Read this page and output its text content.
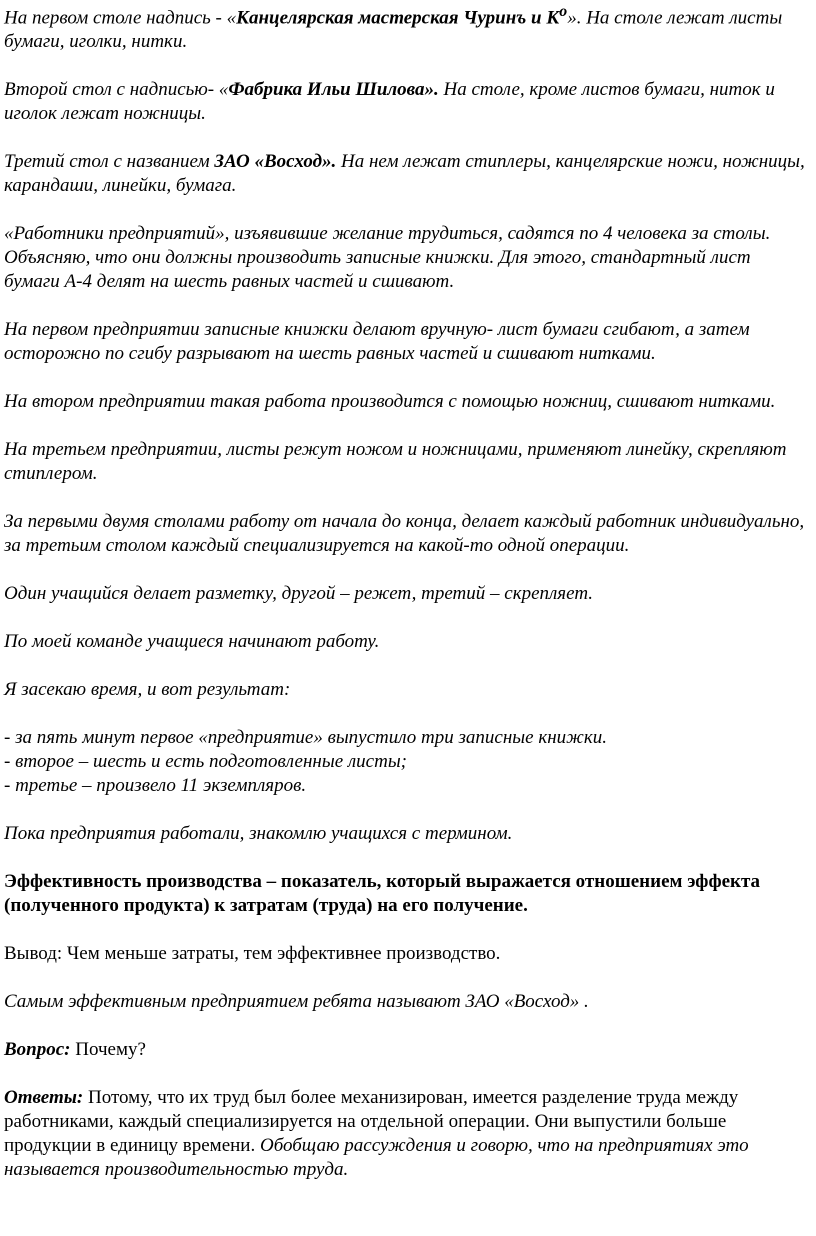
На первом столе надпись - «Канцелярская мастерская Чуринъ и $К^о$». На столе лежат листы бумаги, иголки, нитки.

Второй стол с надписью- «Фабрика Ильи Шилова». На столе, кроме листов бумаги, ниток и иголок лежат ножницы.

Третий стол с названием ЗАО «Восход». На нем лежат стиплеры, канцелярские ножи, ножницы, карандаши, линейки, бумага.

«Работники предприятий», изъявившие желание трудиться, садятся по 4 человека за столы. Объясняю, что они должны производить записные книжки. Для этого, стандартный лист бумаги А-4 делят на шесть равных частей и сшивают.

На первом предприятии записные книжки делают вручную- лист бумаги сгибают, а затем осторожно по сгибу разрывают на шесть равных частей и сшивают нитками.

На втором предприятии такая работа производится с помощью ножниц, сшивают нитками.

На третьем предприятии, листы режут ножом и ножницами, применяют линейку, скрепляют стиплером.

За первыми двумя столами работу от начала до конца, делает каждый работник индивидуально, за третьим столом каждый специализируется на какой-то одной операции.

Один учащийся делает разметку, другой – режет, третий – скрепляет.

По моей команде учащиеся начинают работу.

Я засекаю время, и вот результат:

- за пять минут первое «предприятие» выпустило три записные книжки.
- второе – шесть и есть подготовленные листы;
- третье – произвело 11 экземпляров.

Пока предприятия работали, знакомлю учащихся с термином.

Эффективность производства – показатель, который выражается отношением эффекта (полученного продукта) к затратам (труда) на его получение.

Вывод: Чем меньше затраты, тем эффективнее производство.

Самым эффективным предприятием ребята называют ЗАО «Восход» .

Вопрос: Почему?

Ответы: Потому, что их труд был более механизирован, имеется разделение труда между работниками, каждый специализируется на отдельной операции. Они выпустили больше продукции в единицу времени. Обобщаю рассуждения и говорю, что на предприятиях это называется производительностью труда.
